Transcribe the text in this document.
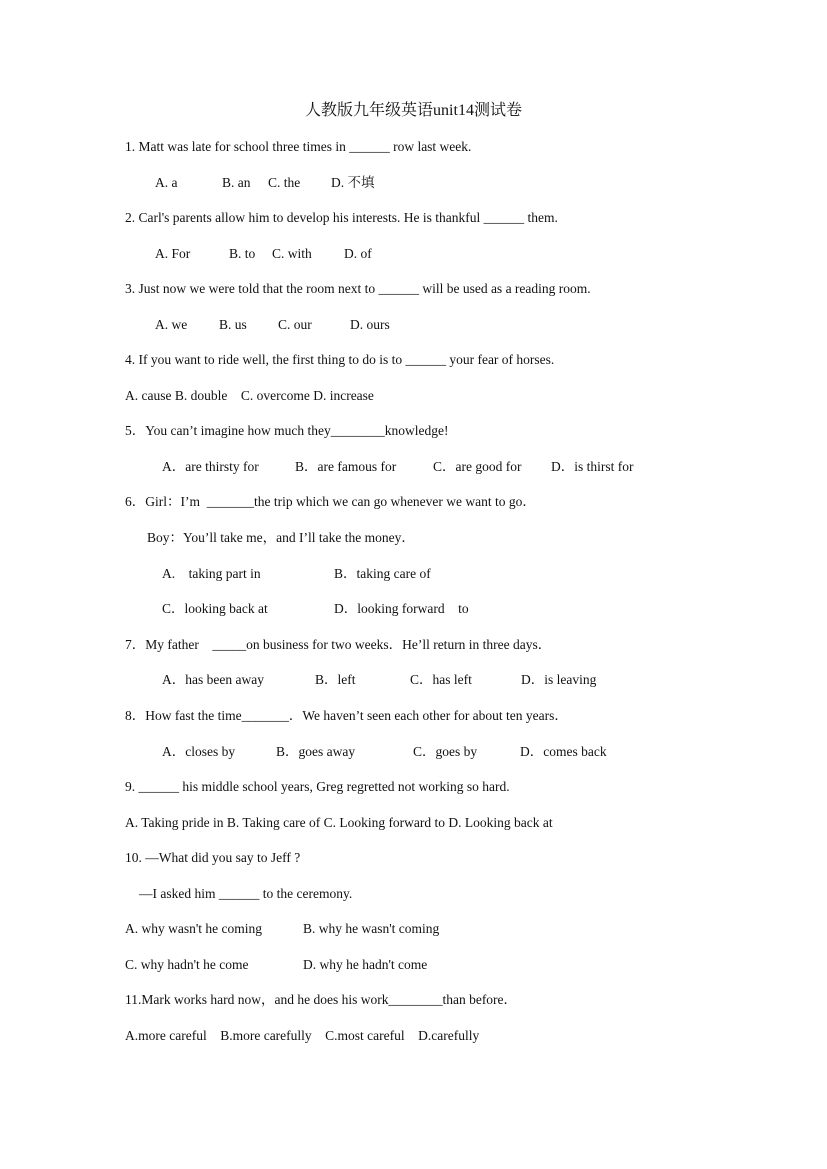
人教版九年级英语unit14测试卷
1. Matt was late for school three times in ______ row last week.
A. a	B. an C. the D. 不填
2. Carl's parents allow him to develop his interests. He is thankful ______ them.
A. For	B. to C. with D. of
3. Just now we were told that the room next to ______ will be used as a reading room.
A. we B. us C. our	D. ours
4. If you want to ride well, the first thing to do is to ______ your fear of horses.
A. cause B. double    C. overcome D. increase
5．You can’t imagine how much they________knowledge!
A．are thirsty for	B．are famous for	C．are good for D．is thirst for
6．Girl：I’m  _______the trip which we can go whenever we want to go．
Boy：You’ll take me，and I’ll take the money．
A.    taking part in	B．taking care of
C．looking back at	D．looking forward    to
7．My father    _____on business for two weeks．He’ll return in three days．
A．has been away	B．left	C．has left	D．is leaving
8．How fast the time_______．We haven’t seen each other for about ten years．
A．closes by	B．goes away	C．goes by	D．comes back
9. ______ his middle school years, Greg regretted not working so hard.
A. Taking pride in B. Taking care of C. Looking forward to D. Looking back at
10. —What did you say to Jeff ?
—I asked him ______ to the ceremony.
A. why wasn't he coming	B. why he wasn't coming
C. why hadn't he come	D. why he hadn't come
11.Mark works hard now，and he does his work________than before．
A.more careful    B.more carefully    C.most careful    D.carefully
